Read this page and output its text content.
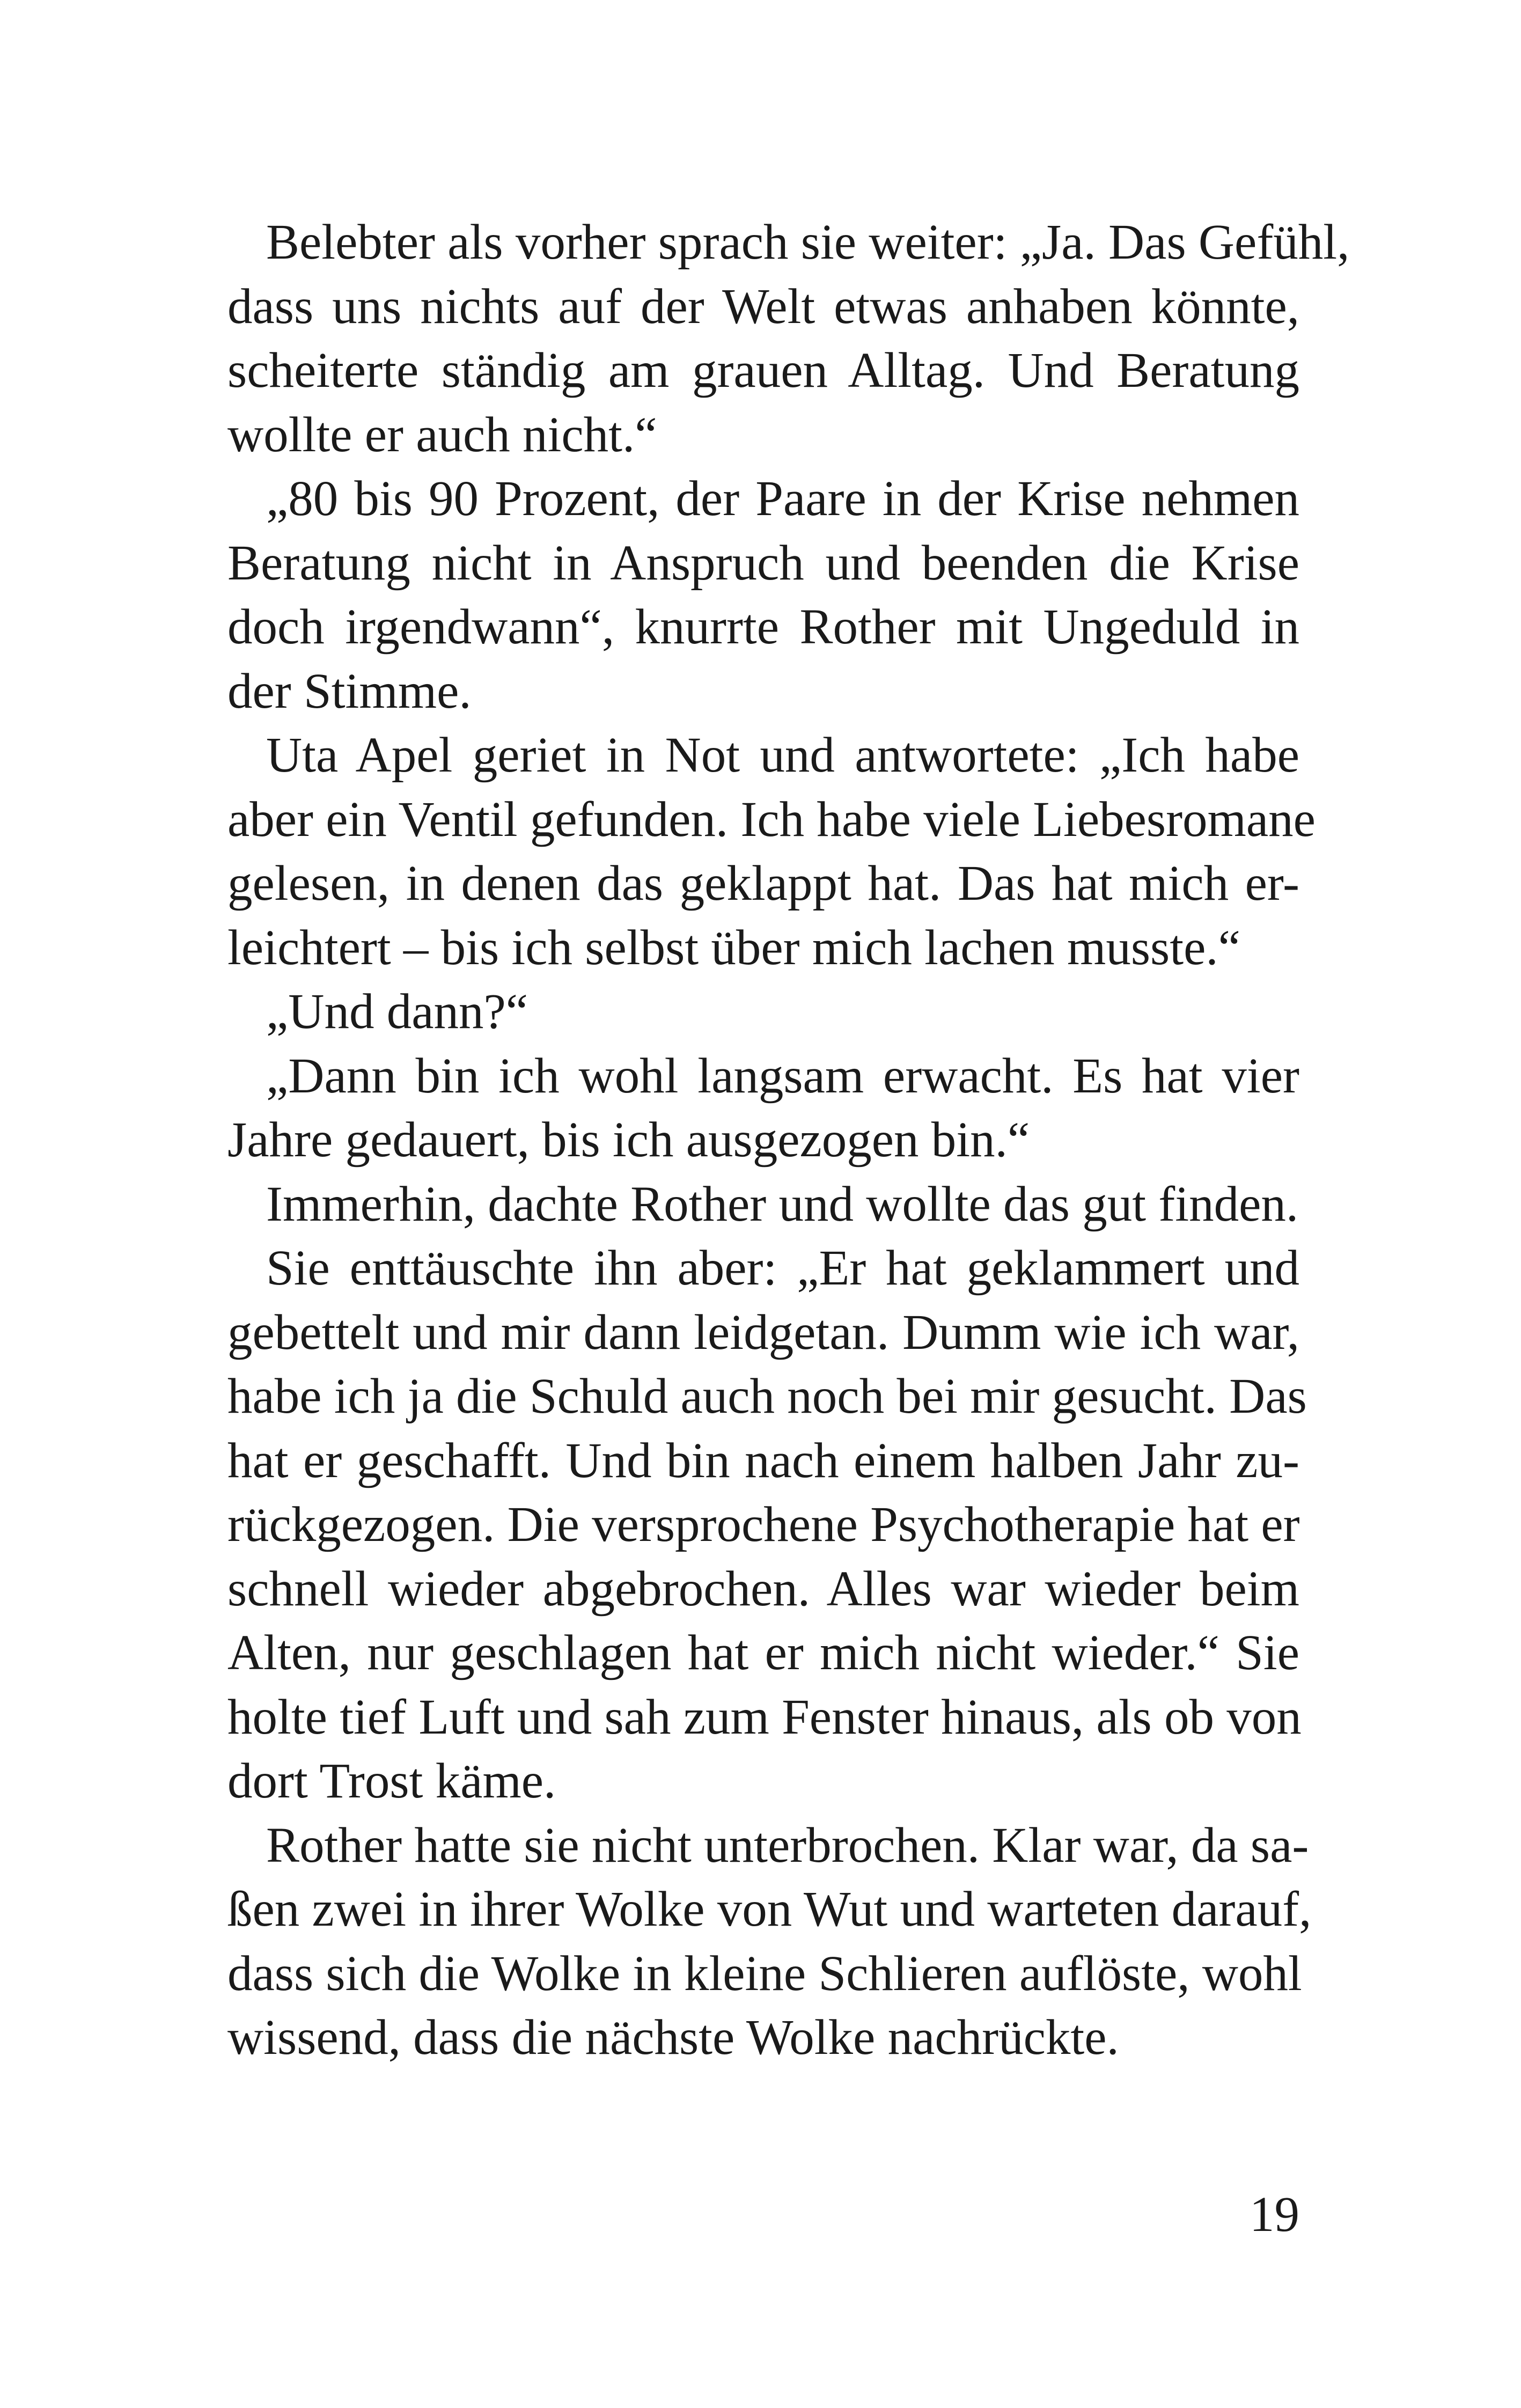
Belebter als vorher sprach sie weiter: „Ja. Das Gefühl,
dass uns nichts auf der Welt etwas anhaben könnte,
scheiterte ständig am grauen Alltag. Und Beratung
wollte er auch nicht.“
„80 bis 90 Prozent, der Paare in der Krise nehmen
Beratung nicht in Anspruch und beenden die Krise
doch irgendwann“, knurrte Rother mit Ungeduld in
der Stimme.
Uta Apel geriet in Not und antwortete: „Ich habe
aber ein Ventil gefunden. Ich habe viele Liebesromane
gelesen, in denen das geklappt hat. Das hat mich er-
leichtert – bis ich selbst über mich lachen musste.“
„Und dann?“
„Dann bin ich wohl langsam erwacht. Es hat vier
Jahre gedauert, bis ich ausgezogen bin.“
Immerhin, dachte Rother und wollte das gut finden.
Sie enttäuschte ihn aber: „Er hat geklammert und
gebettelt und mir dann leidgetan. Dumm wie ich war,
habe ich ja die Schuld auch noch bei mir gesucht. Das
hat er geschafft. Und bin nach einem halben Jahr zu-
rückgezogen. Die versprochene Psychotherapie hat er
schnell wieder abgebrochen. Alles war wieder beim
Alten, nur geschlagen hat er mich nicht wieder.“ Sie
holte tief Luft und sah zum Fenster hinaus, als ob von
dort Trost käme.
Rother hatte sie nicht unterbrochen. Klar war, da sa-
ßen zwei in ihrer Wolke von Wut und warteten darauf,
dass sich die Wolke in kleine Schlieren auflöste, wohl
wissend, dass die nächste Wolke nachrückte.
19
